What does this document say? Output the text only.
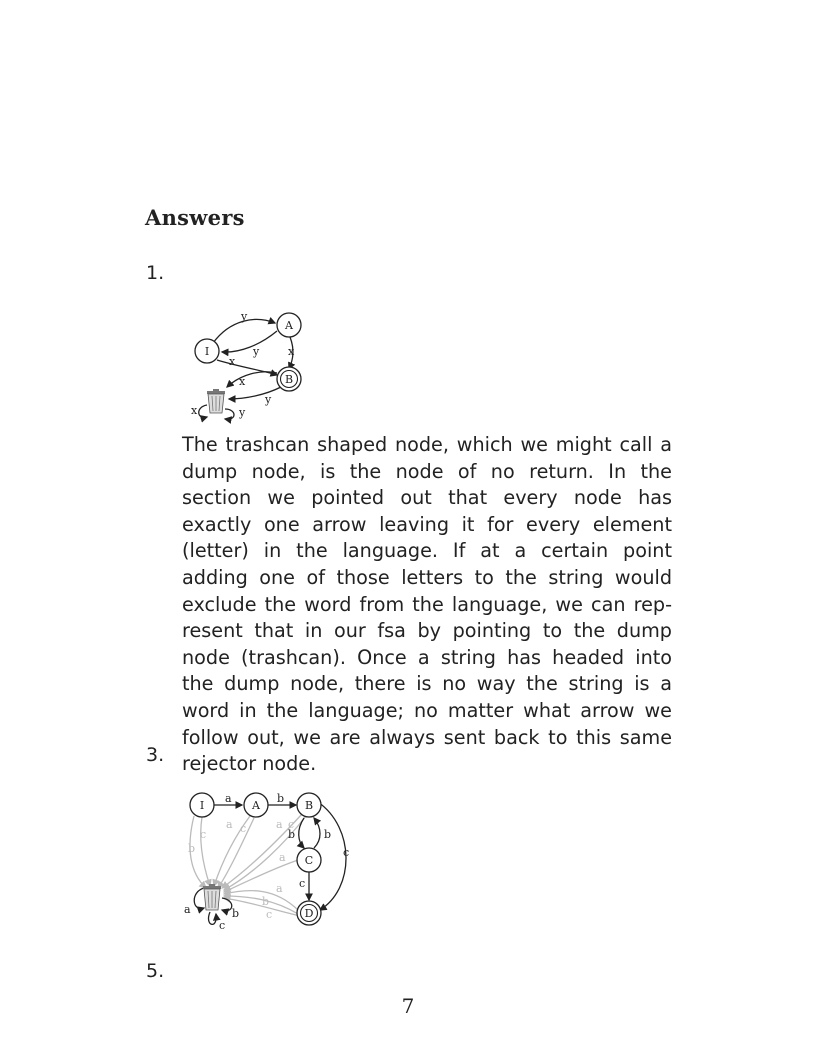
Answers
1.
I
A
B
y
y
x
x
x
y
x	y

The trashcan shaped node, which we might call a dump node, is the node of no return. In the section we pointed out that every node has exactly one arrow leaving it for every element (letter) in the language. If at a certain point adding one of those letters to the string would exclude the word from the language, we can represent that in our fsa by pointing to the dump node (trashcan). Once a string has headed into the dump node, there is no way the string is a word in the language; no matter what arrow we follow out, we are always sent back to this same rejector node.

3.
I	A	B
C
D
a	b
b	b
c
c
a	b
c
c
b
a c	a c
a
a
b
c
5.
7
